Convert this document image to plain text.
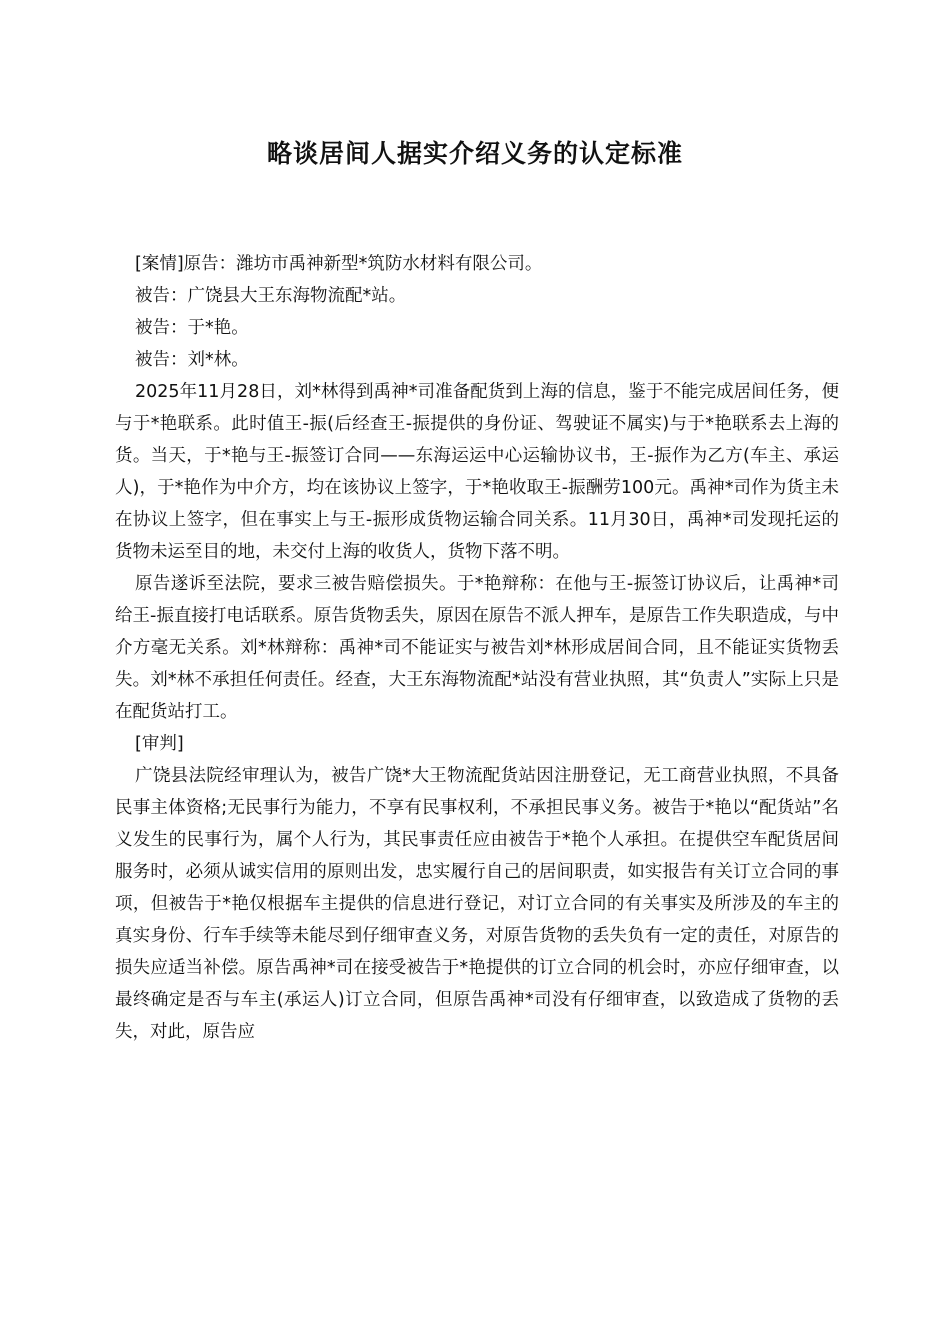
略谈居间人据实介绍义务的认定标准

[案情]原告：潍坊市禹神新型*筑防水材料有限公司。

被告：广饶县大王东海物流配*站。

被告：于*艳。

被告：刘*林。

2025年11月28日，刘*林得到禹神*司准备配货到上海的信息，鉴于不能完成居间任务，便与于*艳联系。此时值王-振(后经查王-振提供的身份证、驾驶证不属实)与于*艳联系去上海的货。当天，于*艳与王-振签订合同——东海运运中心运输协议书，王-振作为乙方(车主、承运人)，于*艳作为中介方，均在该协议上签字，于*艳收取王-振酬劳100元。禹神*司作为货主未在协议上签字，但在事实上与王-振形成货物运输合同关系。11月30日，禹神*司发现托运的货物未运至目的地，未交付上海的收货人，货物下落不明。

原告遂诉至法院，要求三被告赔偿损失。于*艳辩称：在他与王-振签订协议后，让禹神*司给王-振直接打电话联系。原告货物丢失，原因在原告不派人押车，是原告工作失职造成，与中介方毫无关系。刘*林辩称：禹神*司不能证实与被告刘*林形成居间合同，且不能证实货物丢失。刘*林不承担任何责任。经查，大王东海物流配*站没有营业执照，其“负责人”实际上只是在配货站打工。

[审判]

广饶县法院经审理认为，被告广饶*大王物流配货站因注册登记，无工商营业执照，不具备民事主体资格;无民事行为能力，不享有民事权利，不承担民事义务。被告于*艳以“配货站”名义发生的民事行为，属个人行为，其民事责任应由被告于*艳个人承担。在提供空车配货居间服务时，必须从诚实信用的原则出发，忠实履行自己的居间职责，如实报告有关订立合同的事项，但被告于*艳仅根据车主提供的信息进行登记，对订立合同的有关事实及所涉及的车主的真实身份、行车手续等未能尽到仔细审查义务，对原告货物的丢失负有一定的责任，对原告的损失应适当补偿。原告禹神*司在接受被告于*艳提供的订立合同的机会时，亦应仔细审查，以最终确定是否与车主(承运人)订立合同，但原告禹神*司没有仔细审查，以致造成了货物的丢失，对此，原告应
